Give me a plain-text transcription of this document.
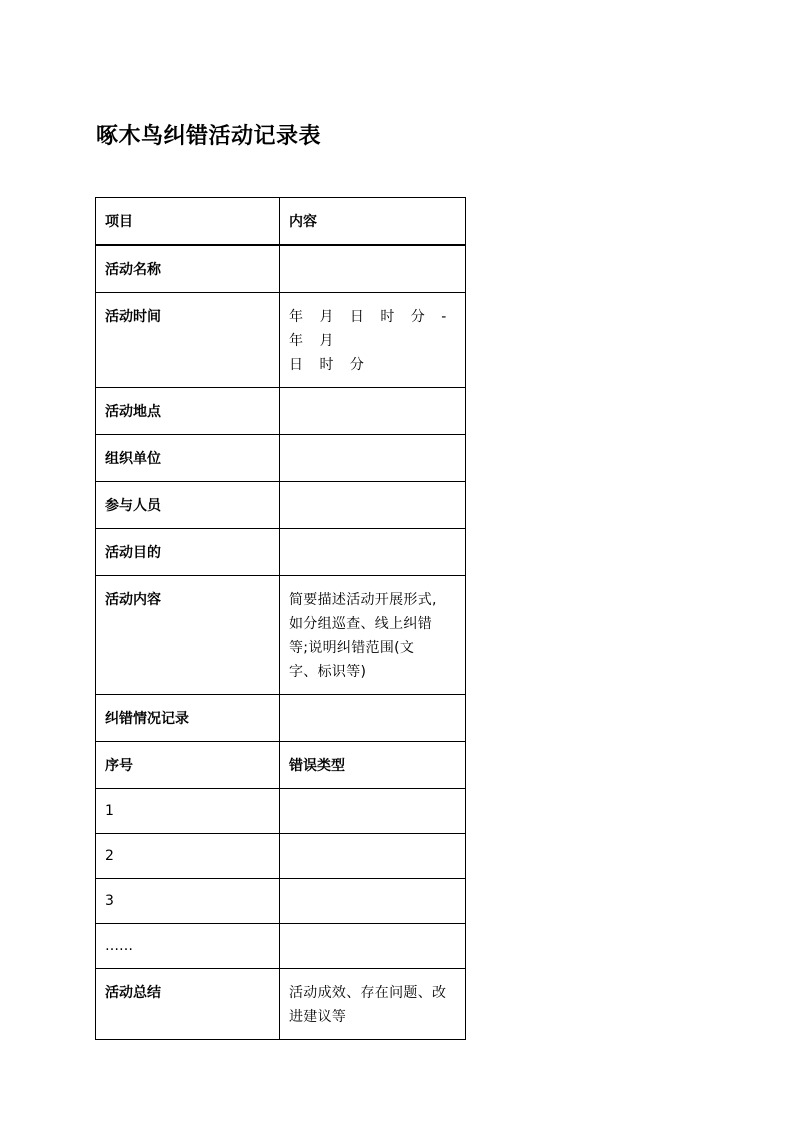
啄木鸟纠错活动记录表
项目	内容
活动名称	
活动时间	年 月 日 时 分 - 年 月
日 时 分

活动地点	
组织单位	
参与人员	
活动目的	
活动内容	简要描述活动开展形式,
如分组巡查、线上纠错
等;说明纠错范围(文
字、标识等)

纠错情况记录	
序号	错误类型
1	
2	
3	
……	
活动总结	活动成效、存在问题、改
进建议等
